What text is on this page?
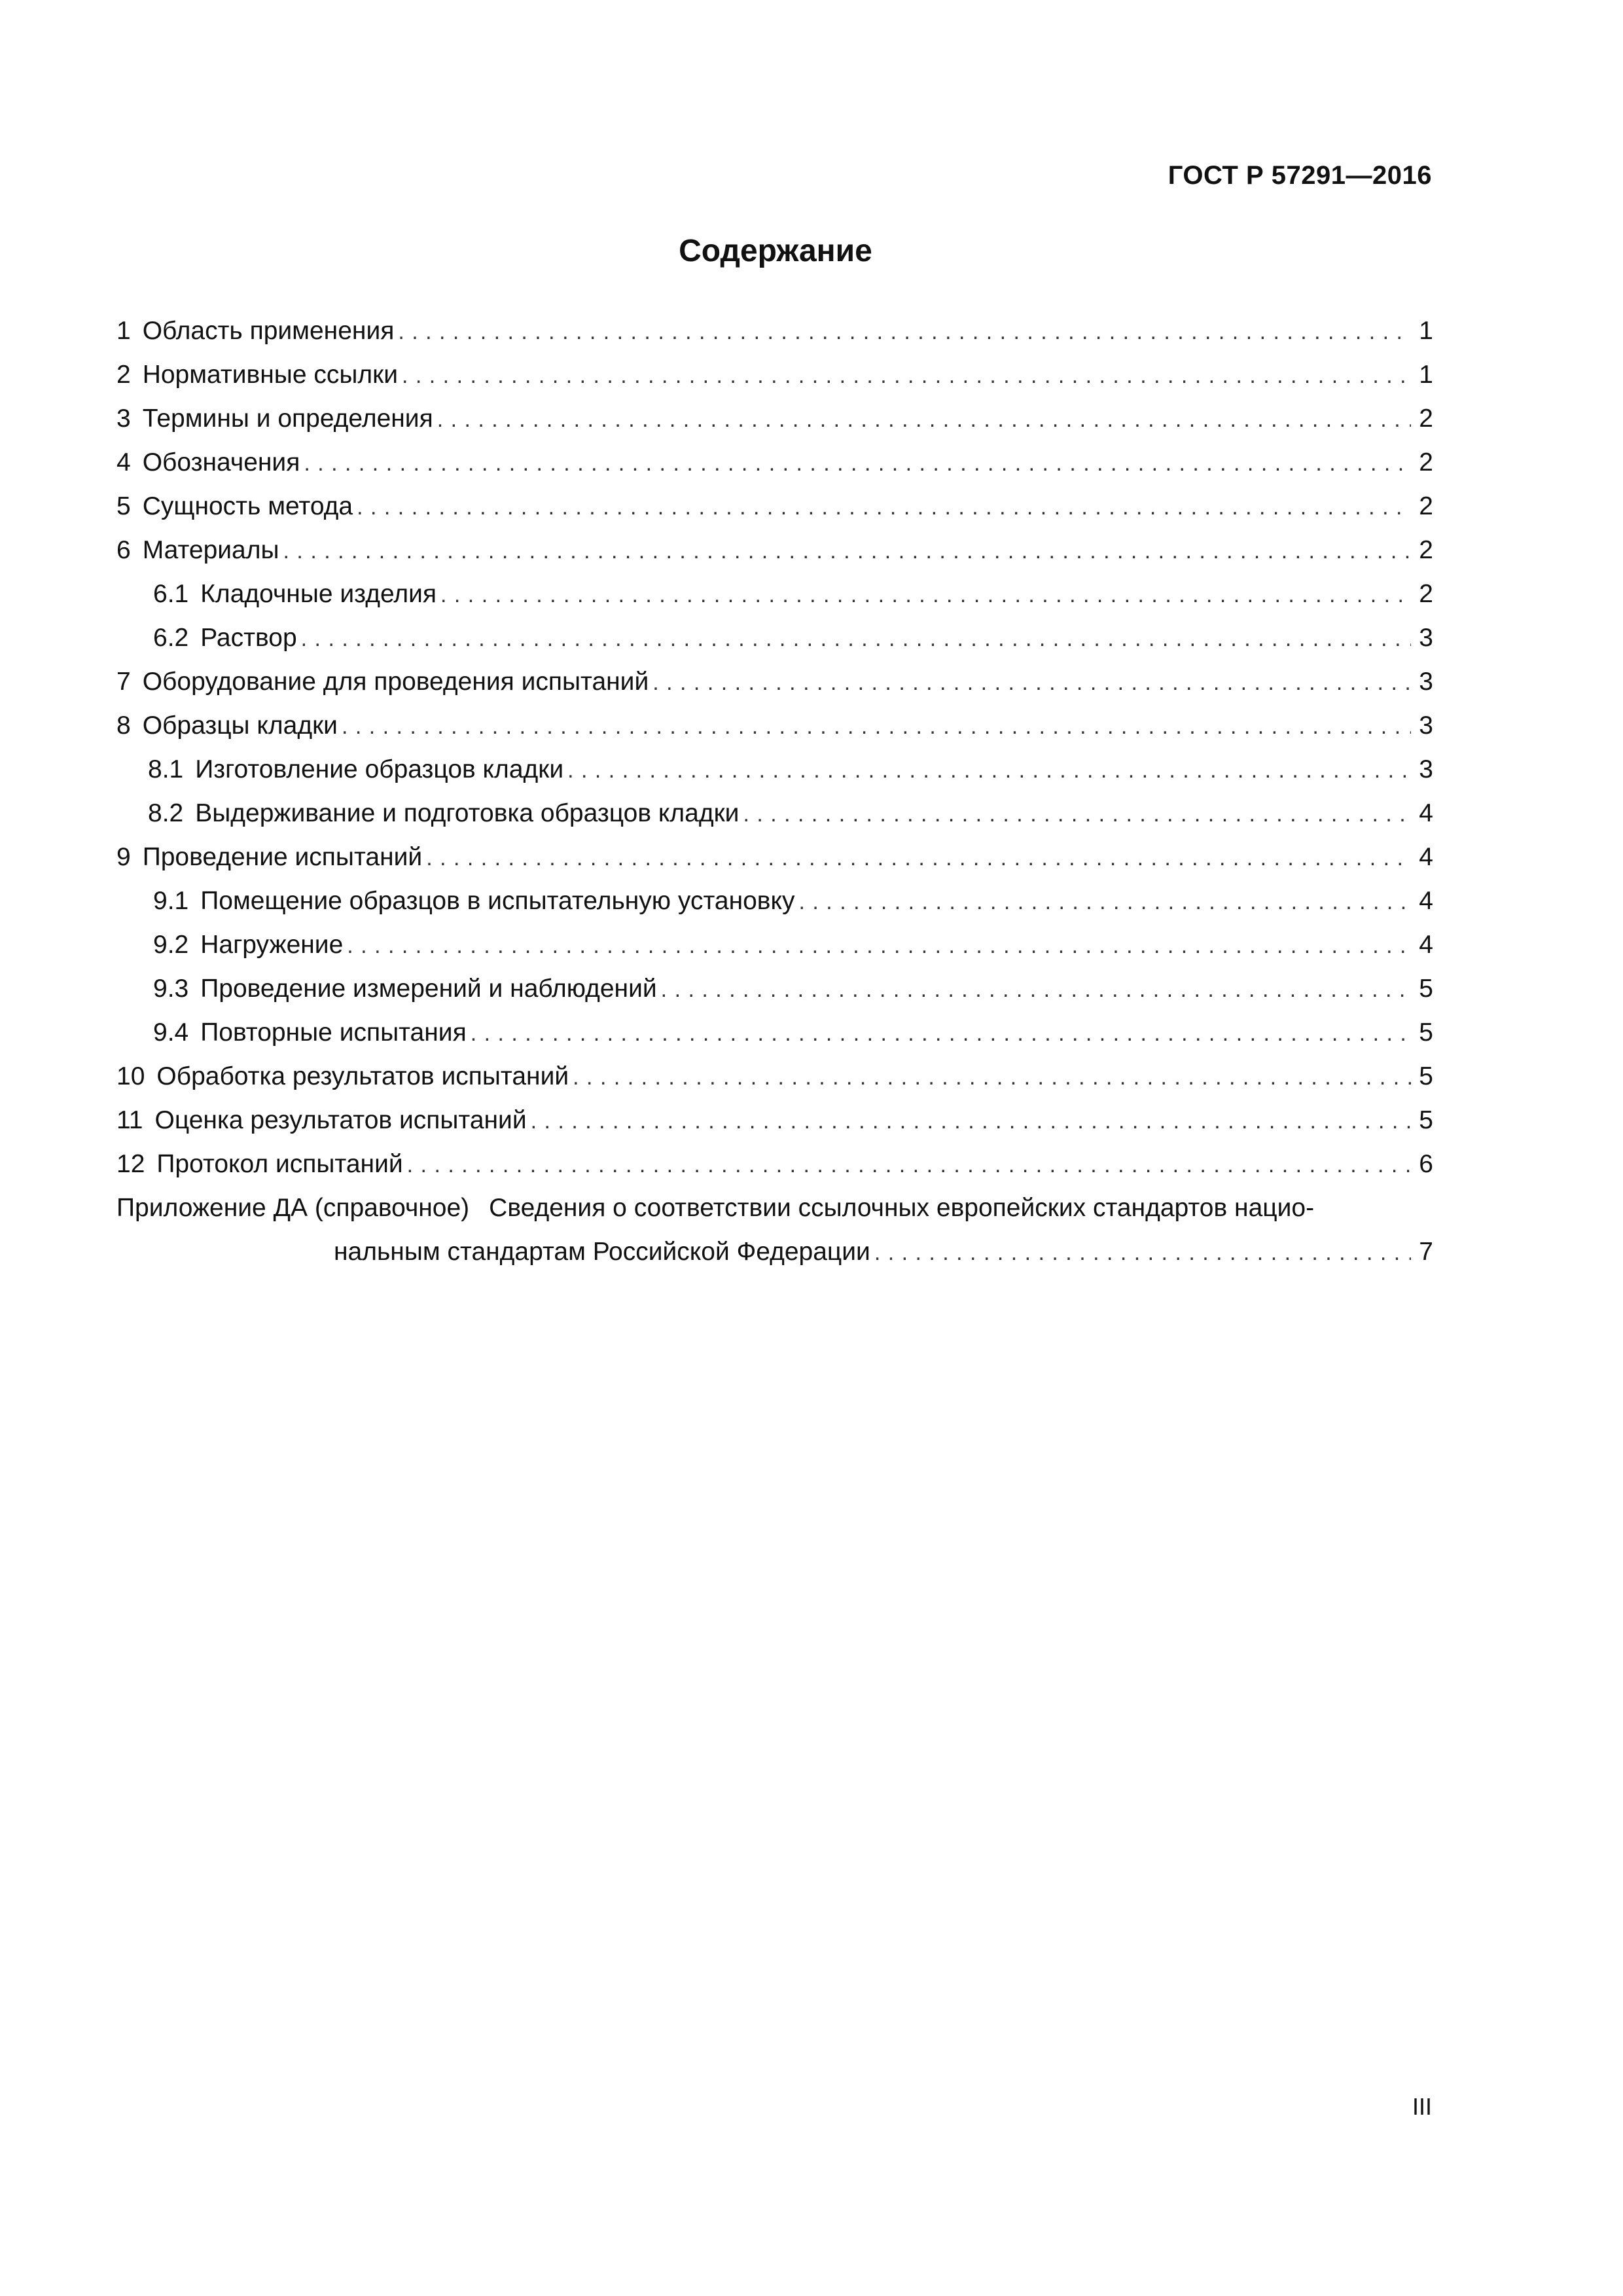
ГОСТ Р 57291—2016
Содержание
1 Область применения . . .	1
2 Нормативные ссылки . . .	1
3 Термины и определения . . .	2
4 Обозначения . . .	2
5 Сущность метода . . .	2
6 Материалы . . .	2
6.1 Кладочные изделия . . .	2
6.2 Раствор . . .	3
7 Оборудование для проведения испытаний . . .	3
8 Образцы кладки . . .	3
8.1 Изготовление образцов кладки . . .	3
8.2 Выдерживание и подготовка образцов кладки . . .	4
9 Проведение испытаний . . .	4
9.1 Помещение образцов в испытательную установку . . .	4
9.2 Нагружение . . .	4
9.3 Проведение измерений и наблюдений . . .	5
9.4 Повторные испытания . . .	5
10 Обработка результатов испытаний . . .	5
11 Оценка результатов испытаний . . .	5
12 Протокол испытаний . . .	6
Приложение ДА (справочное) Сведения о соответствии ссылочных европейских стандартов нацио-
нальным стандартам Российской Федерации . . .	7
III
